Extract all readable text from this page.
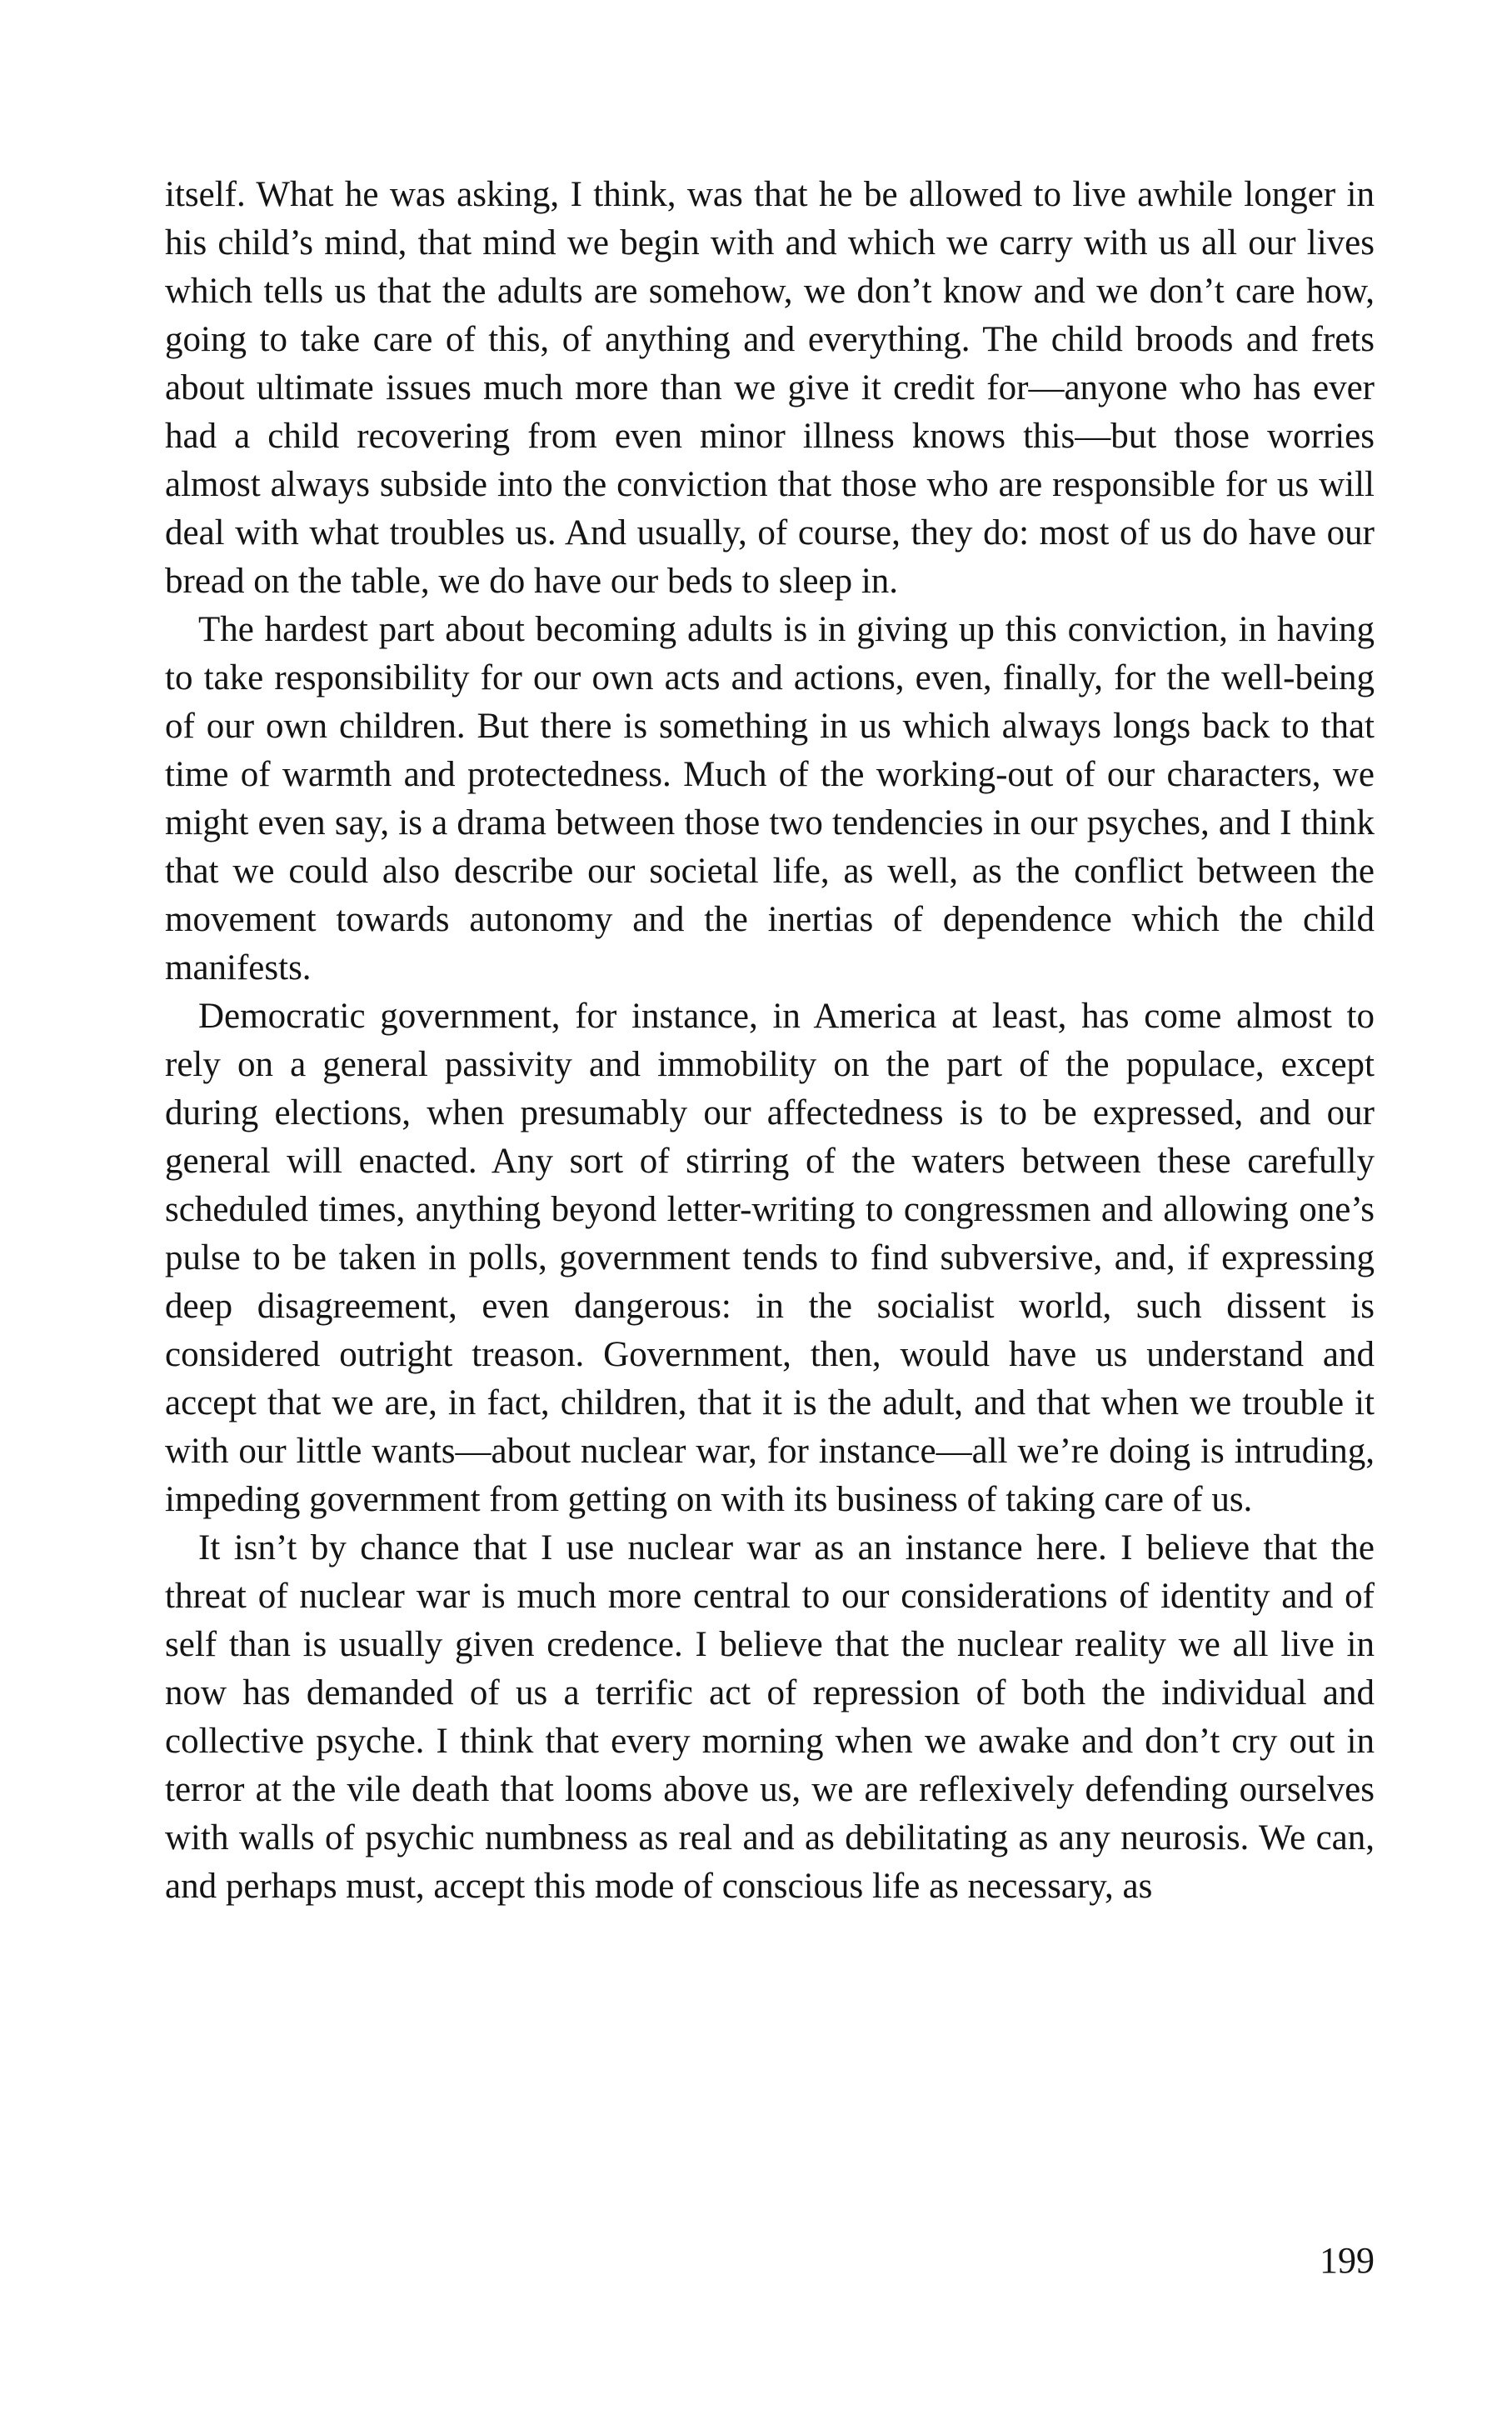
itself. What he was asking, I think, was that he be allowed to live awhile longer in his child’s mind, that mind we begin with and which we carry with us all our lives which tells us that the adults are somehow, we don’t know and we don’t care how, going to take care of this, of anything and everything. The child broods and frets about ultimate issues much more than we give it credit for—anyone who has ever had a child recovering from even minor illness knows this—but those worries almost always subside into the conviction that those who are responsible for us will deal with what troubles us. And usually, of course, they do: most of us do have our bread on the table, we do have our beds to sleep in.

The hardest part about becoming adults is in giving up this conviction, in having to take responsibility for our own acts and actions, even, finally, for the well-being of our own children. But there is something in us which always longs back to that time of warmth and protectedness. Much of the working-out of our characters, we might even say, is a drama between those two tendencies in our psyches, and I think that we could also describe our societal life, as well, as the conflict between the movement towards autonomy and the inertias of dependence which the child manifests.

Democratic government, for instance, in America at least, has come almost to rely on a general passivity and immobility on the part of the populace, except during elections, when presumably our affectedness is to be expressed, and our general will enacted. Any sort of stirring of the waters between these carefully scheduled times, anything beyond letter-writing to congressmen and allowing one’s pulse to be taken in polls, government tends to find subversive, and, if expressing deep disagreement, even dangerous: in the socialist world, such dissent is considered outright treason. Government, then, would have us understand and accept that we are, in fact, children, that it is the adult, and that when we trouble it with our little wants—about nuclear war, for instance—all we’re doing is intruding, impeding government from getting on with its business of taking care of us.

It isn’t by chance that I use nuclear war as an instance here. I believe that the threat of nuclear war is much more central to our considerations of identity and of self than is usually given credence. I believe that the nuclear reality we all live in now has demanded of us a terrific act of repression of both the individual and collective psyche. I think that every morning when we awake and don’t cry out in terror at the vile death that looms above us, we are reflexively defending ourselves with walls of psychic numbness as real and as debilitating as any neurosis. We can, and perhaps must, accept this mode of conscious life as necessary, as

199
